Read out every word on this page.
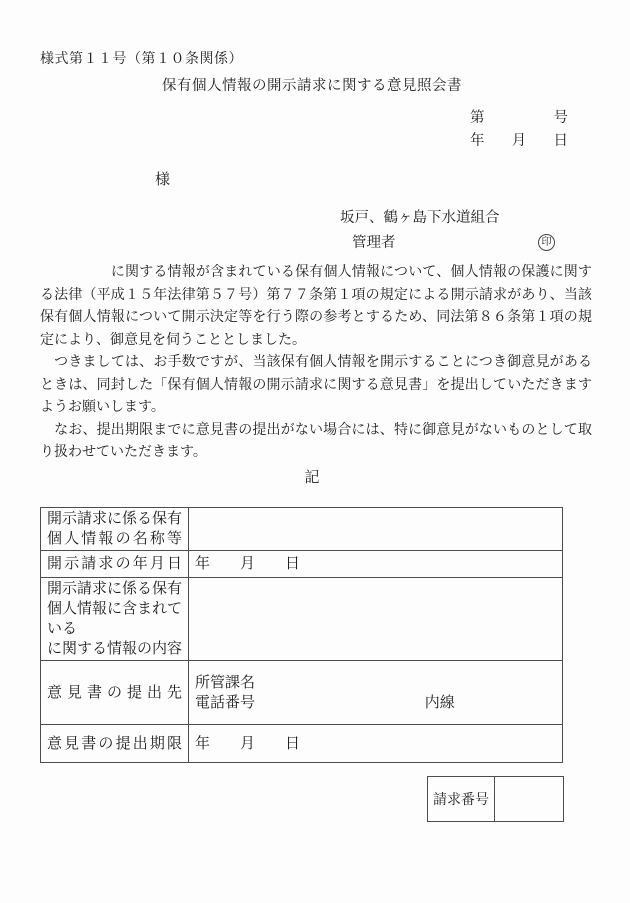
様式第１１号（第１０条関係）
保有個人情報の開示請求に関する意見照会書
第	号
年 月 日
様
坂戸、鶴ヶ島下水道組合
管理者	印

　　　　　に関する情報が含まれている保有個人情報について、個人情報の保護に関する法律（平成１５年法律第５７号）第７７条第１項の規定による開示請求があり、当該保有個人情報について開示決定等を行う際の参考とするため、同法第８６条第１項の規定により、御意見を伺うこととしました。

　つきましては、お手数ですが、当該保有個人情報を開示することにつき御意見があるときは、同封した「保有個人情報の開示請求に関する意見書」を提出していただきますようお願いします。

　なお、提出期限までに意見書の提出がない場合には、特に御意見がないものとして取り扱わせていただきます。

記
開示請求に係る保有
個人情報の名称等	

開示請求の年月日	年　　月　　日

開示請求に係る保有
個人情報に含まれて
いる
に関する情報の内容	

意見書の提出先	所管課名
電話番号 内線

意見書の提出期限	年　　月　　日
請求番号	
